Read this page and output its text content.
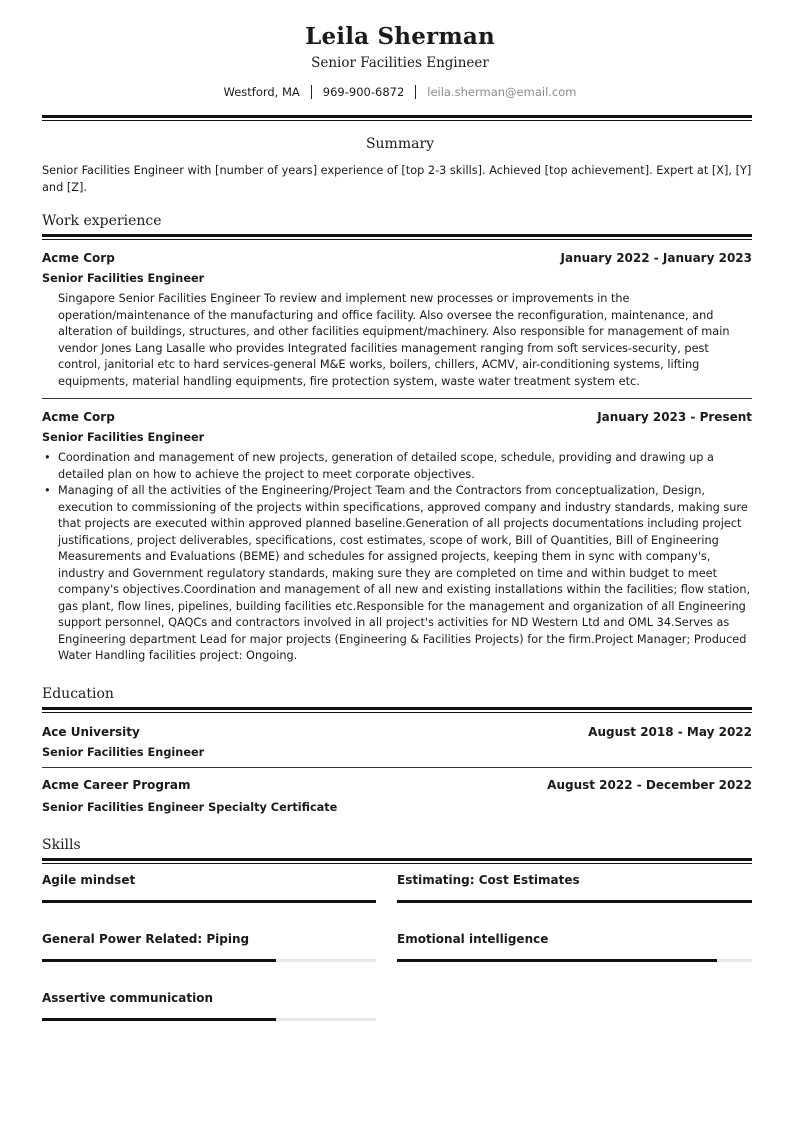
Leila Sherman
Senior Facilities Engineer
Westford, MA	969-900-6872	leila.sherman@email.com
Summary
Senior Facilities Engineer with [number of years] experience of [top 2-3 skills]. Achieved [top achievement]. Expert at [X], [Y] and [Z].
Work experience
Acme Corp	January 2022 - January 2023
Senior Facilities Engineer
Singapore Senior Facilities Engineer To review and implement new processes or improvements in the operation/maintenance of the manufacturing and office facility. Also oversee the reconfiguration, maintenance, and alteration of buildings, structures, and other facilities equipment/machinery. Also responsible for management of main vendor Jones Lang Lasalle who provides Integrated facilities management ranging from soft services-security, pest control, janitorial etc to hard services-general M&E works, boilers, chillers, ACMV, air-conditioning systems, lifting equipments, material handling equipments, fire protection system, waste water treatment system etc.
Acme Corp	January 2023 - Present
Senior Facilities Engineer
• Coordination and management of new projects, generation of detailed scope, schedule, providing and drawing up a detailed plan on how to achieve the project to meet corporate objectives.
• Managing of all the activities of the Engineering/Project Team and the Contractors from conceptualization, Design, execution to commissioning of the projects within specifications, approved company and industry standards, making sure that projects are executed within approved planned baseline.Generation of all projects documentations including project justifications, project deliverables, specifications, cost estimates, scope of work, Bill of Quantities, Bill of Engineering Measurements and Evaluations (BEME) and schedules for assigned projects, keeping them in sync with company's, industry and Government regulatory standards, making sure they are completed on time and within budget to meet company's objectives.Coordination and management of all new and existing installations within the facilities; flow station, gas plant, flow lines, pipelines, building facilities etc.Responsible for the management and organization of all Engineering support personnel, QAQCs and contractors involved in all project's activities for ND Western Ltd and OML 34.Serves as Engineering department Lead for major projects (Engineering & Facilities Projects) for the firm.Project Manager; Produced Water Handling facilities project: Ongoing.
Education
Ace University	August 2018 - May 2022
Senior Facilities Engineer
Acme Career Program	August 2022 - December 2022
Senior Facilities Engineer Specialty Certificate
Skills
Agile mindset	Estimating: Cost Estimates
General Power Related: Piping	Emotional intelligence
Assertive communication
